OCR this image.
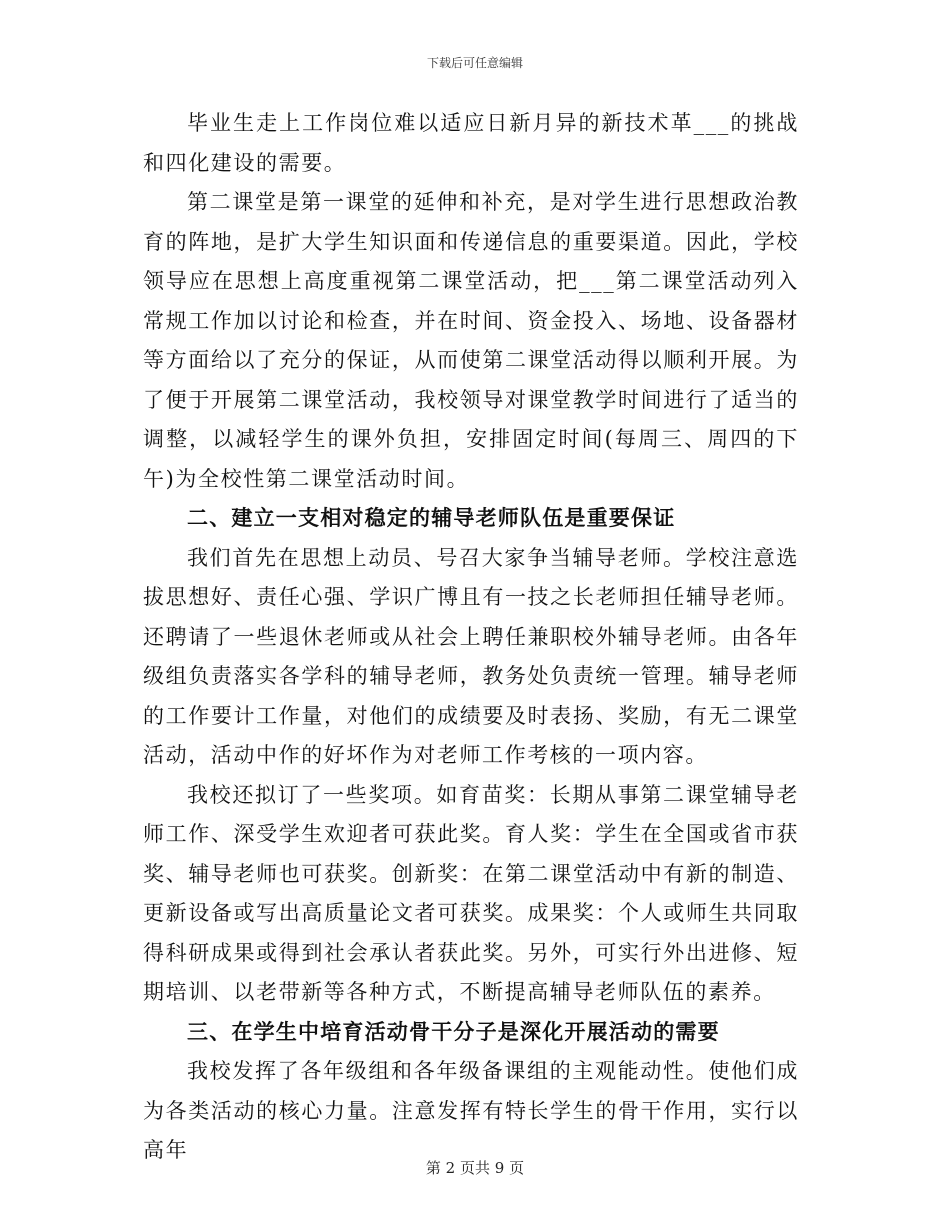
下载后可任意编辑

毕业生走上工作岗位难以适应日新月异的新技术革___的挑战和四化建设的需要。

第二课堂是第一课堂的延伸和补充，是对学生进行思想政治教育的阵地，是扩大学生知识面和传递信息的重要渠道。因此，学校领导应在思想上高度重视第二课堂活动，把___第二课堂活动列入常规工作加以讨论和检查，并在时间、资金投入、场地、设备器材等方面给以了充分的保证，从而使第二课堂活动得以顺利开展。为了便于开展第二课堂活动，我校领导对课堂教学时间进行了适当的调整，以减轻学生的课外负担，安排固定时间(每周三、周四的下午)为全校性第二课堂活动时间。

二、建立一支相对稳定的辅导老师队伍是重要保证

我们首先在思想上动员、号召大家争当辅导老师。学校注意选拔思想好、责任心强、学识广博且有一技之长老师担任辅导老师。还聘请了一些退休老师或从社会上聘任兼职校外辅导老师。由各年级组负责落实各学科的辅导老师，教务处负责统一管理。辅导老师的工作要计工作量，对他们的成绩要及时表扬、奖励，有无二课堂活动，活动中作的好坏作为对老师工作考核的一项内容。

我校还拟订了一些奖项。如育苗奖：长期从事第二课堂辅导老师工作、深受学生欢迎者可获此奖。育人奖：学生在全国或省市获奖、辅导老师也可获奖。创新奖：在第二课堂活动中有新的制造、更新设备或写出高质量论文者可获奖。成果奖：个人或师生共同取得科研成果或得到社会承认者获此奖。另外，可实行外出进修、短期培训、以老带新等各种方式，不断提高辅导老师队伍的素养。

三、在学生中培育活动骨干分子是深化开展活动的需要

我校发挥了各年级组和各年级备课组的主观能动性。使他们成为各类活动的核心力量。注意发挥有特长学生的骨干作用，实行以高年

第 2 页共 9 页
